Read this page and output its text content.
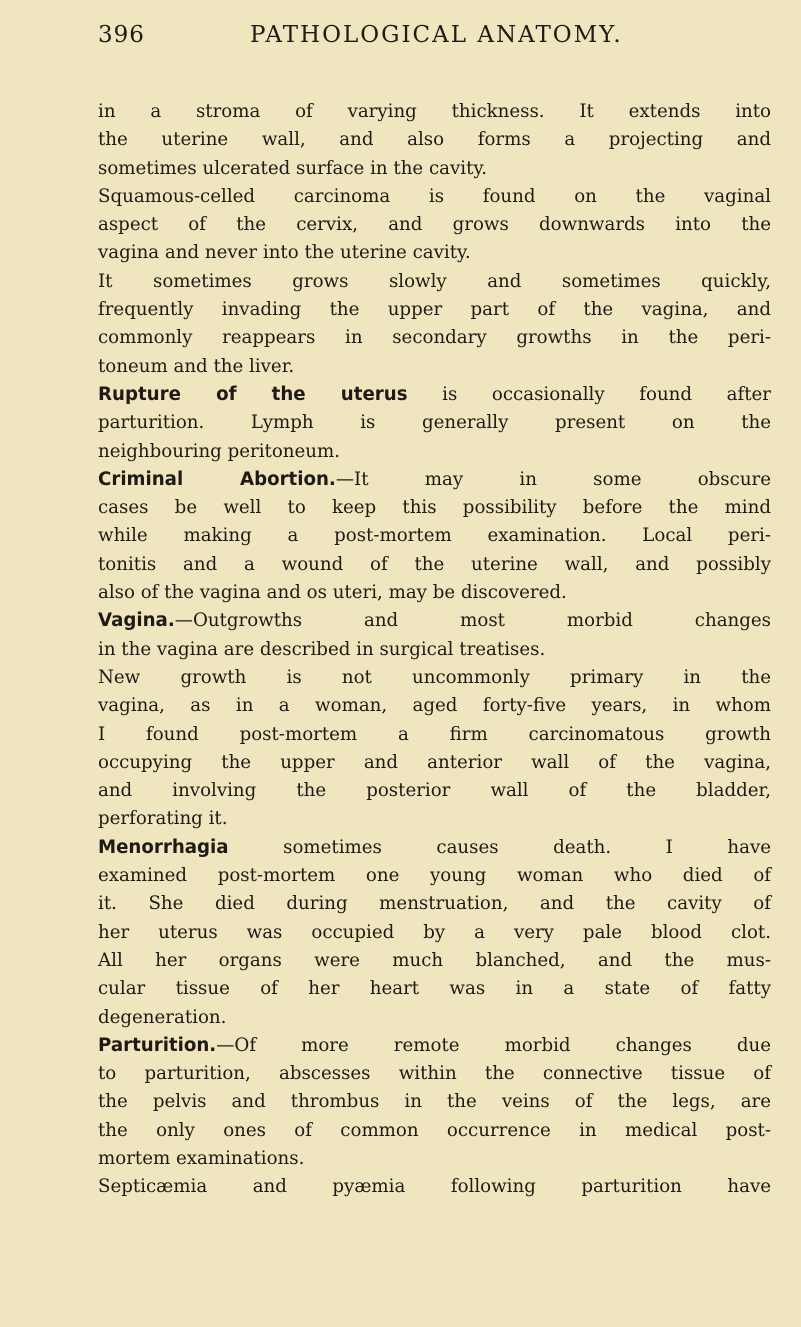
396	PATHOLOGICAL ANATOMY.
in a stroma of varying thickness. It extends into
the uterine wall, and also forms a projecting and
sometimes ulcerated surface in the cavity.
Squamous-celled carcinoma is found on the vaginal
aspect of the cervix, and grows downwards into the
vagina and never into the uterine cavity.
It sometimes grows slowly and sometimes quickly,
frequently invading the upper part of the vagina, and
commonly reappears in secondary growths in the peri-
toneum and the liver.
Rupture of the uterus is occasionally found after
parturition. Lymph is generally present on the
neighbouring peritoneum.
Criminal Abortion.—It may in some obscure
cases be well to keep this possibility before the mind
while making a post-mortem examination. Local peri-
tonitis and a wound of the uterine wall, and possibly
also of the vagina and os uteri, may be discovered.
Vagina.—Outgrowths and most morbid changes
in the vagina are described in surgical treatises.
New growth is not uncommonly primary in the
vagina, as in a woman, aged forty-five years, in whom
I found post-mortem a firm carcinomatous growth
occupying the upper and anterior wall of the vagina,
and involving the posterior wall of the bladder,
perforating it.
Menorrhagia sometimes causes death. I have
examined post-mortem one young woman who died of
it. She died during menstruation, and the cavity of
her uterus was occupied by a very pale blood clot.
All her organs were much blanched, and the mus-
cular tissue of her heart was in a state of fatty
degeneration.
Parturition.—Of more remote morbid changes due
to parturition, abscesses within the connective tissue of
the pelvis and thrombus in the veins of the legs, are
the only ones of common occurrence in medical post-
mortem examinations.
Septicæmia and pyæmia following parturition have
